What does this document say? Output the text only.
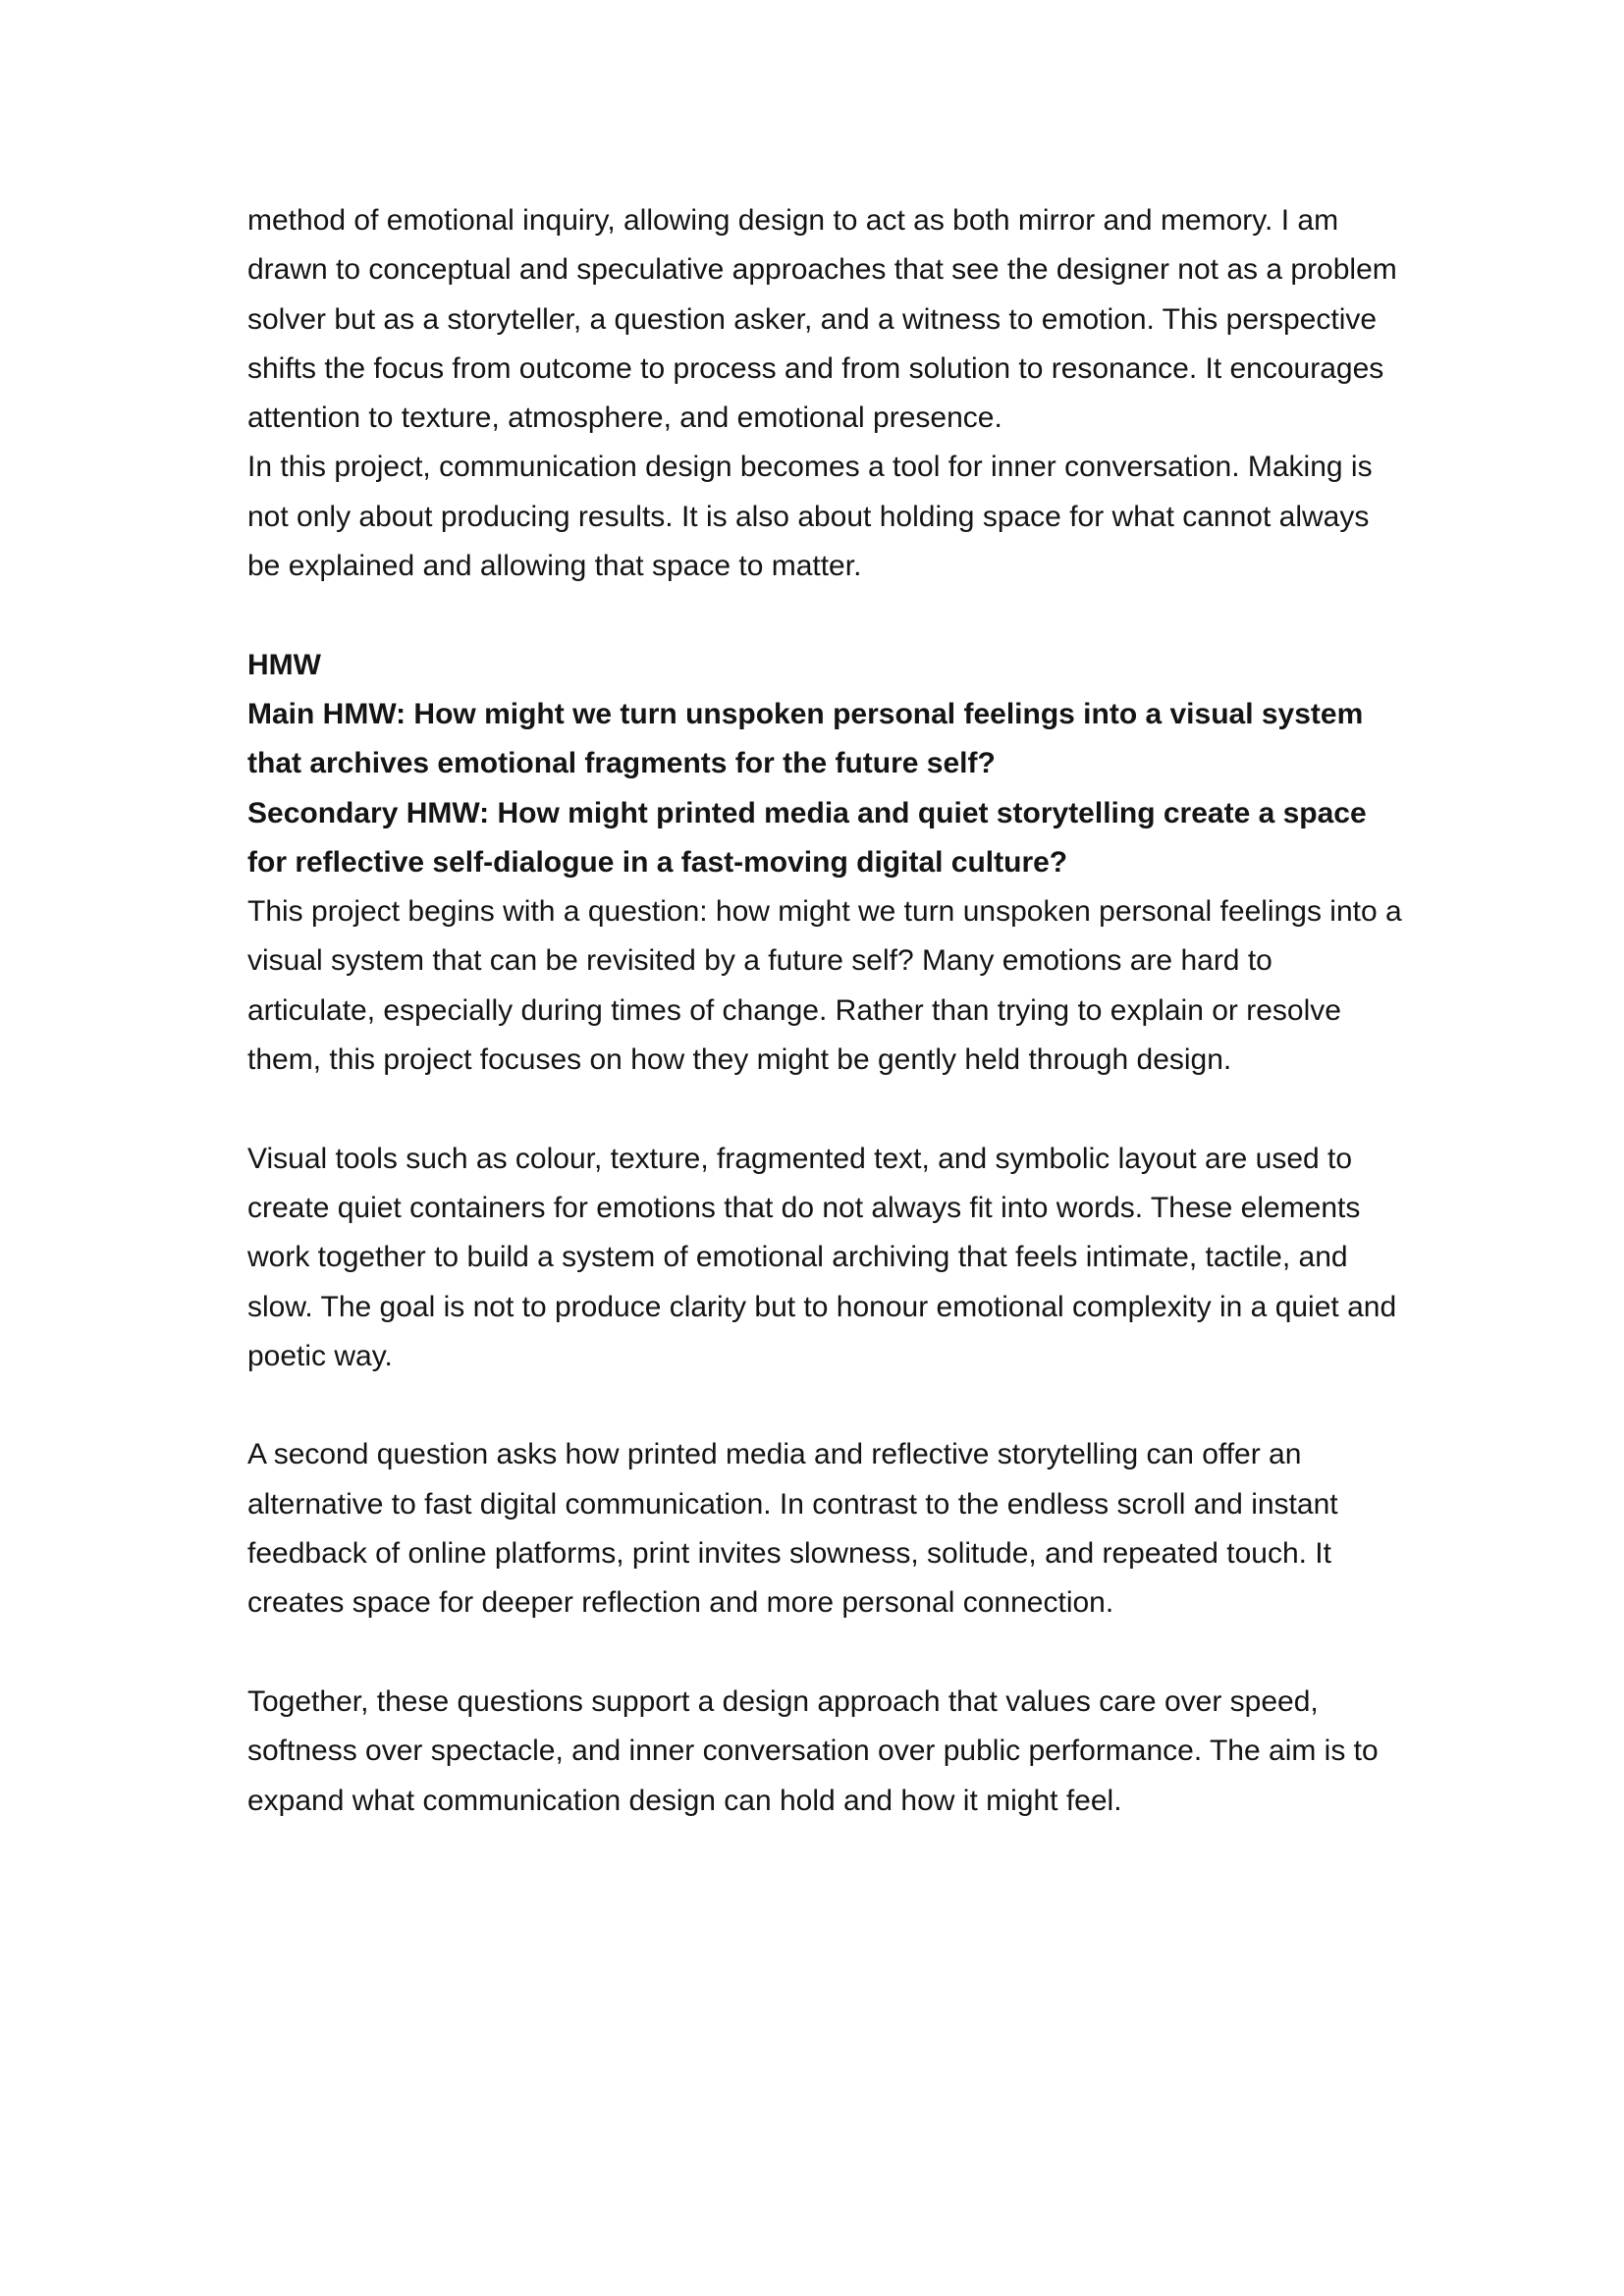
method of emotional inquiry, allowing design to act as both mirror and memory. I am drawn to conceptual and speculative approaches that see the designer not as a problem solver but as a storyteller, a question asker, and a witness to emotion. This perspective shifts the focus from outcome to process and from solution to resonance. It encourages attention to texture, atmosphere, and emotional presence.

In this project, communication design becomes a tool for inner conversation. Making is not only about producing results. It is also about holding space for what cannot always be explained and allowing that space to matter.

HMW

Main HMW: How might we turn unspoken personal feelings into a visual system that archives emotional fragments for the future self?

Secondary HMW: How might printed media and quiet storytelling create a space for reflective self-dialogue in a fast-moving digital culture?

This project begins with a question: how might we turn unspoken personal feelings into a visual system that can be revisited by a future self? Many emotions are hard to articulate, especially during times of change. Rather than trying to explain or resolve them, this project focuses on how they might be gently held through design.

Visual tools such as colour, texture, fragmented text, and symbolic layout are used to create quiet containers for emotions that do not always fit into words. These elements work together to build a system of emotional archiving that feels intimate, tactile, and slow. The goal is not to produce clarity but to honour emotional complexity in a quiet and poetic way.

A second question asks how printed media and reflective storytelling can offer an alternative to fast digital communication. In contrast to the endless scroll and instant feedback of online platforms, print invites slowness, solitude, and repeated touch. It creates space for deeper reflection and more personal connection.

Together, these questions support a design approach that values care over speed, softness over spectacle, and inner conversation over public performance. The aim is to expand what communication design can hold and how it might feel.
